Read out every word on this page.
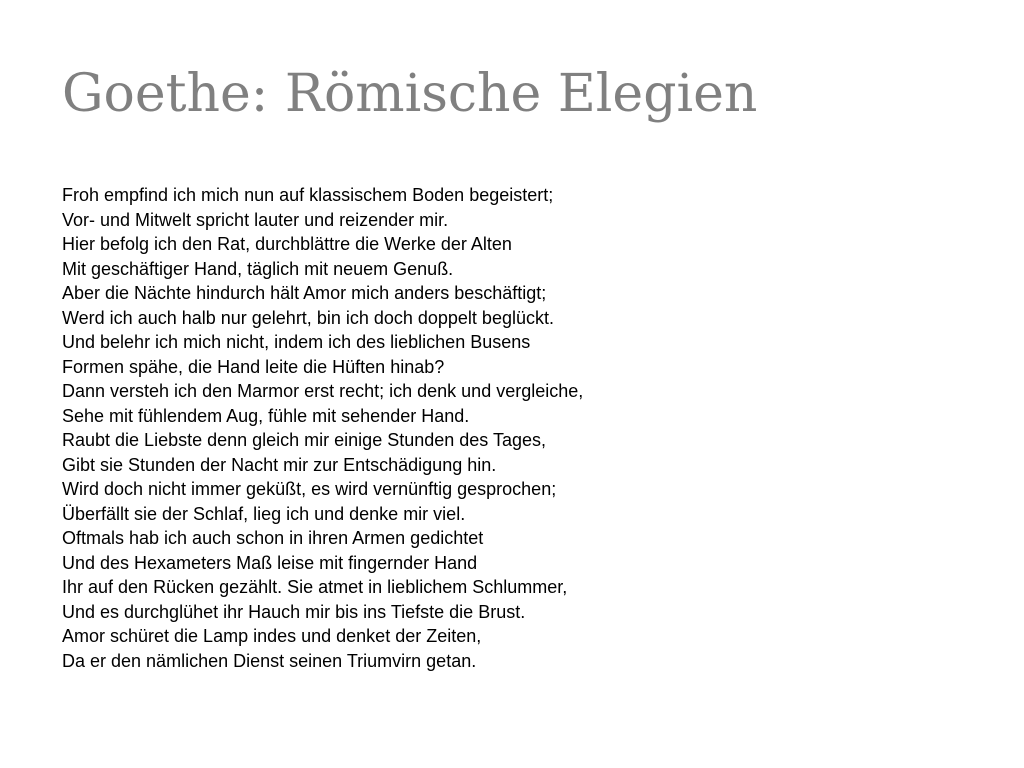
Goethe: Römische Elegien
Froh empfind ich mich nun auf klassischem Boden begeistert;
Vor- und Mitwelt spricht lauter und reizender mir.
Hier befolg ich den Rat, durchblättre die Werke der Alten
Mit geschäftiger Hand, täglich mit neuem Genuß.
Aber die Nächte hindurch hält Amor mich anders beschäftigt;
Werd ich auch halb nur gelehrt, bin ich doch doppelt beglückt.
Und belehr ich mich nicht, indem ich des lieblichen Busens
Formen spähe, die Hand leite die Hüften hinab?
Dann versteh ich den Marmor erst recht; ich denk und vergleiche,
Sehe mit fühlendem Aug, fühle mit sehender Hand.
Raubt die Liebste denn gleich mir einige Stunden des Tages,
Gibt sie Stunden der Nacht mir zur Entschädigung hin.
Wird doch nicht immer geküßt, es wird vernünftig gesprochen;
Überfällt sie der Schlaf, lieg ich und denke mir viel.
Oftmals hab ich auch schon in ihren Armen gedichtet
Und des Hexameters Maß leise mit fingernder Hand
Ihr auf den Rücken gezählt. Sie atmet in lieblichem Schlummer,
Und es durchglühet ihr Hauch mir bis ins Tiefste die Brust.
Amor schüret die Lamp indes und denket der Zeiten,
Da er den nämlichen Dienst seinen Triumvirn getan.
